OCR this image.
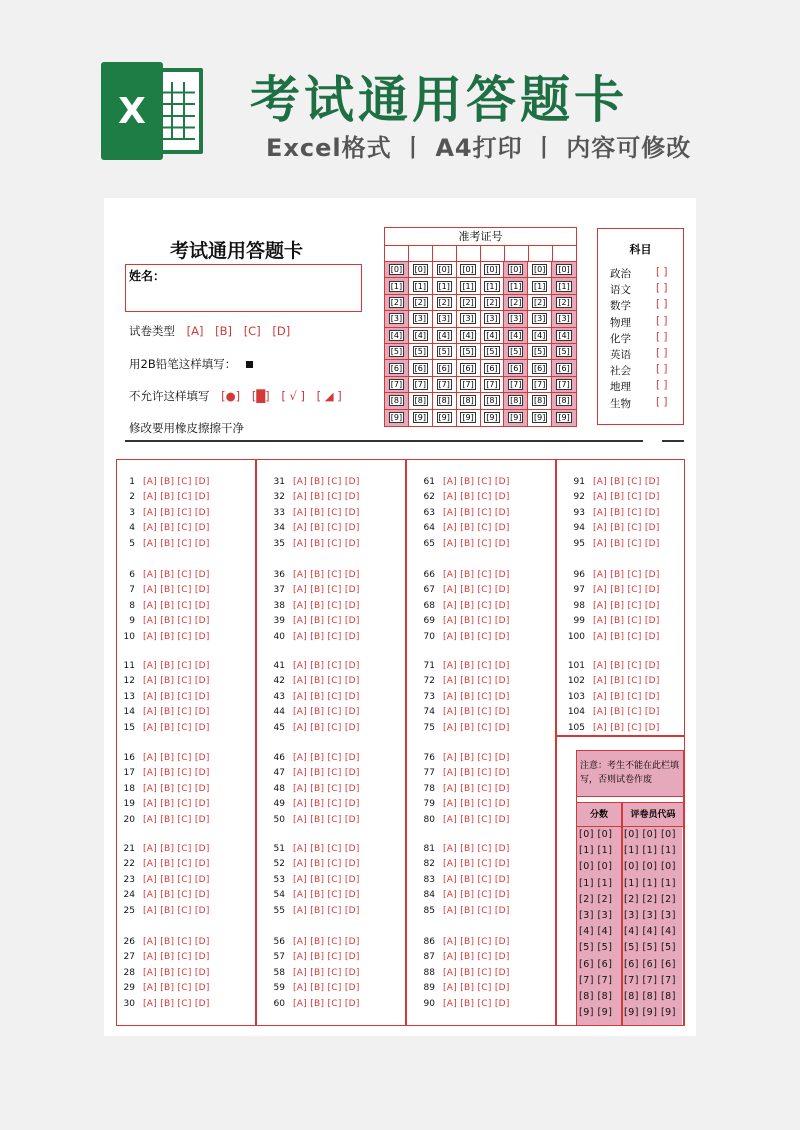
X	考试通用答题卡
Excel格式 丨 A4打印 丨 内容可修改
考试通用答题卡
姓名：
试卷类型 [A] [B] [C] [D]
用2B铅笔这样填写：
不允许这样填写 [●] [█] [ √ ] [ ◢ ]
修改要用橡皮擦擦干净
准考证号
[0] [0] [0] [0] [0] [0] [0] [0]
[1] [1] [1] [1] [1] [1] [1] [1]
[2] [2] [2] [2] [2] [2] [2] [2]
[3] [3] [3] [3] [3] [3] [3] [3]
[4] [4] [4] [4] [4] [4] [4] [4]
[5] [5] [5] [5] [5] [5] [5] [5]
[6] [6] [6] [6] [6] [6] [6] [6]
[7] [7] [7] [7] [7] [7] [7] [7]
[8] [8] [8] [8] [8] [8] [8] [8]
[9] [9] [9] [9] [9] [9] [9] [9]
科目
政治 [ ]
语文 [ ]
数学 [ ]
物理 [ ]
化学 [ ]
英语 [ ]
社会 [ ]
地理 [ ]
生物 [ ]
1 [A] [B] [C] [D]
2 [A] [B] [C] [D]
3 [A] [B] [C] [D]
4 [A] [B] [C] [D]
5 [A] [B] [C] [D]
6 [A] [B] [C] [D]
7 [A] [B] [C] [D]
8 [A] [B] [C] [D]
9 [A] [B] [C] [D]
10 [A] [B] [C] [D]
11 [A] [B] [C] [D]
12 [A] [B] [C] [D]
13 [A] [B] [C] [D]
14 [A] [B] [C] [D]
15 [A] [B] [C] [D]
16 [A] [B] [C] [D]
17 [A] [B] [C] [D]
18 [A] [B] [C] [D]
19 [A] [B] [C] [D]
20 [A] [B] [C] [D]
21 [A] [B] [C] [D]
22 [A] [B] [C] [D]
23 [A] [B] [C] [D]
24 [A] [B] [C] [D]
25 [A] [B] [C] [D]
26 [A] [B] [C] [D]
27 [A] [B] [C] [D]
28 [A] [B] [C] [D]
29 [A] [B] [C] [D]
30 [A] [B] [C] [D]
31 [A] [B] [C] [D]
32 [A] [B] [C] [D]
33 [A] [B] [C] [D]
34 [A] [B] [C] [D]
35 [A] [B] [C] [D]
36 [A] [B] [C] [D]
37 [A] [B] [C] [D]
38 [A] [B] [C] [D]
39 [A] [B] [C] [D]
40 [A] [B] [C] [D]
41 [A] [B] [C] [D]
42 [A] [B] [C] [D]
43 [A] [B] [C] [D]
44 [A] [B] [C] [D]
45 [A] [B] [C] [D]
46 [A] [B] [C] [D]
47 [A] [B] [C] [D]
48 [A] [B] [C] [D]
49 [A] [B] [C] [D]
50 [A] [B] [C] [D]
51 [A] [B] [C] [D]
52 [A] [B] [C] [D]
53 [A] [B] [C] [D]
54 [A] [B] [C] [D]
55 [A] [B] [C] [D]
56 [A] [B] [C] [D]
57 [A] [B] [C] [D]
58 [A] [B] [C] [D]
59 [A] [B] [C] [D]
60 [A] [B] [C] [D]
61 [A] [B] [C] [D]
62 [A] [B] [C] [D]
63 [A] [B] [C] [D]
64 [A] [B] [C] [D]
65 [A] [B] [C] [D]
66 [A] [B] [C] [D]
67 [A] [B] [C] [D]
68 [A] [B] [C] [D]
69 [A] [B] [C] [D]
70 [A] [B] [C] [D]
71 [A] [B] [C] [D]
72 [A] [B] [C] [D]
73 [A] [B] [C] [D]
74 [A] [B] [C] [D]
75 [A] [B] [C] [D]
76 [A] [B] [C] [D]
77 [A] [B] [C] [D]
78 [A] [B] [C] [D]
79 [A] [B] [C] [D]
80 [A] [B] [C] [D]
81 [A] [B] [C] [D]
82 [A] [B] [C] [D]
83 [A] [B] [C] [D]
84 [A] [B] [C] [D]
85 [A] [B] [C] [D]
86 [A] [B] [C] [D]
87 [A] [B] [C] [D]
88 [A] [B] [C] [D]
89 [A] [B] [C] [D]
90 [A] [B] [C] [D]
91 [A] [B] [C] [D]
92 [A] [B] [C] [D]
93 [A] [B] [C] [D]
94 [A] [B] [C] [D]
95 [A] [B] [C] [D]
96 [A] [B] [C] [D]
97 [A] [B] [C] [D]
98 [A] [B] [C] [D]
99 [A] [B] [C] [D]
100 [A] [B] [C] [D]
101 [A] [B] [C] [D]
102 [A] [B] [C] [D]
103 [A] [B] [C] [D]
104 [A] [B] [C] [D]
105 [A] [B] [C] [D]
注意：考生不能在此栏填写，否则试卷作废
分数	评卷员代码
[0] [0] [0] [0] [0]
[1] [1] [1] [1] [1]
[0] [0] [0] [0] [0]
[1] [1] [1] [1] [1]
[2] [2] [2] [2] [2]
[3] [3] [3] [3] [3]
[4] [4] [4] [4] [4]
[5] [5] [5] [5] [5]
[6] [6] [6] [6] [6]
[7] [7] [7] [7] [7]
[8] [8] [8] [8] [8]
[9] [9] [9] [9] [9]
